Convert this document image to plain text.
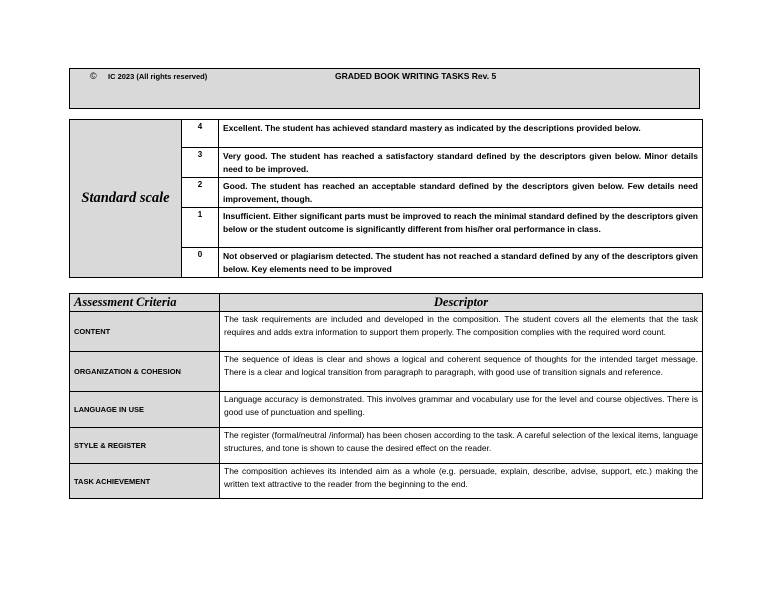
© IC 2023 (All rights reserved)	GRADED BOOK WRITING TASKS Rev. 5
Standard scale	4	Excellent. The student has achieved standard mastery as indicated by the descriptions provided below.
	3	Very good. The student has reached a satisfactory standard defined by the descriptors given below. Minor details need to be improved.
	2	Good. The student has reached an acceptable standard defined by the descriptors given below. Few details need improvement, though.
	1	Insufficient. Either significant parts must be improved to reach the minimal standard defined by the descriptors given below or the student outcome is significantly different from his/her oral performance in class.
	0	Not observed or plagiarism detected. The student has not reached a standard defined by any of the descriptors given below. Key elements need to be improved
Assessment Criteria	Descriptor
CONTENT	The task requirements are included and developed in the composition. The student covers all the elements that the task requires and adds extra information to support them properly. The composition complies with the required word count.
ORGANIZATION & COHESION	The sequence of ideas is clear and shows a logical and coherent sequence of thoughts for the intended target message. There is a clear and logical transition from paragraph to paragraph, with good use of transition signals and reference.
LANGUAGE IN USE	Language accuracy is demonstrated. This involves grammar and vocabulary use for the level and course objectives. There is good use of punctuation and spelling.
STYLE & REGISTER	The register (formal/neutral /informal) has been chosen according to the task. A careful selection of the lexical items, language structures, and tone is shown to cause the desired effect on the reader.
TASK ACHIEVEMENT	The composition achieves its intended aim as a whole (e.g. persuade, explain, describe, advise, support, etc.) making the written text attractive to the reader from the beginning to the end.
